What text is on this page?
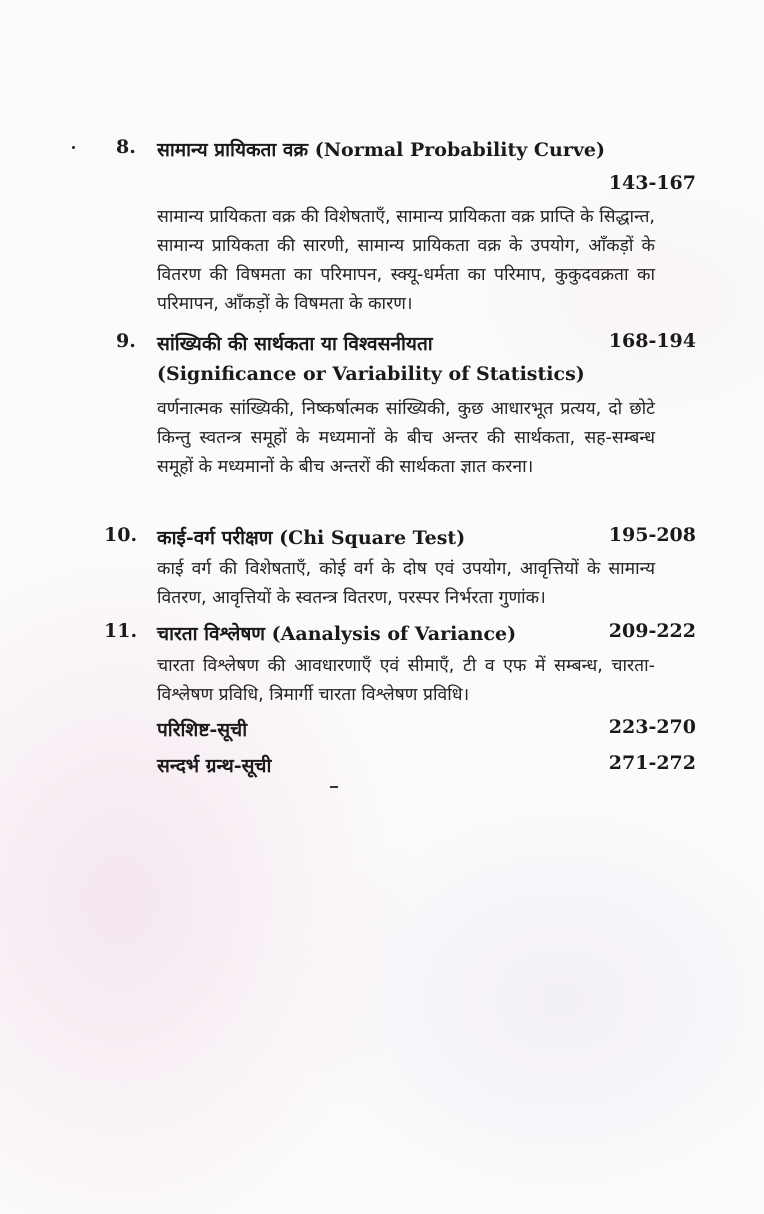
8. सामान्य प्रायिकता वक्र (Normal Probability Curve)
143-167
सामान्य प्रायिकता वक्र की विशेषताएँ, सामान्य प्रायिकता वक्र प्राप्ति के सिद्धान्त, सामान्य प्रायिकता की सारणी, सामान्य प्रायिकता वक्र के उपयोग, आँकड़ों के वितरण की विषमता का परिमापन, स्क्यू-धर्मता का परिमाप, कुकुदवक्रता का परिमापन, आँकड़ों के विषमता के कारण।
9. सांख्यिकी की सार्थकता या विश्वसनीयता	168-194
(Significance or Variability of Statistics)
वर्णनात्मक सांख्यिकी, निष्कर्षात्मक सांख्यिकी, कुछ आधारभूत प्रत्यय, दो छोटे किन्तु स्वतन्त्र समूहों के मध्यमानों के बीच अन्तर की सार्थकता, सह-सम्बन्ध समूहों के मध्यमानों के बीच अन्तरों की सार्थकता ज्ञात करना।
10. काई-वर्ग परीक्षण (Chi Square Test)	195-208
काई वर्ग की विशेषताएँ, कोई वर्ग के दोष एवं उपयोग, आवृत्तियों के सामान्य वितरण, आवृत्तियों के स्वतन्त्र वितरण, परस्पर निर्भरता गुणांक।
11. चारता विश्लेषण (Aanalysis of Variance)	209-222
चारता विश्लेषण की आवधारणाएँ एवं सीमाएँ, टी व एफ में सम्बन्ध, चारता-विश्लेषण प्रविधि, त्रिमार्गी चारता विश्लेषण प्रविधि।
परिशिष्ट-सूची	223-270
सन्दर्भ ग्रन्थ-सूची	271-272
